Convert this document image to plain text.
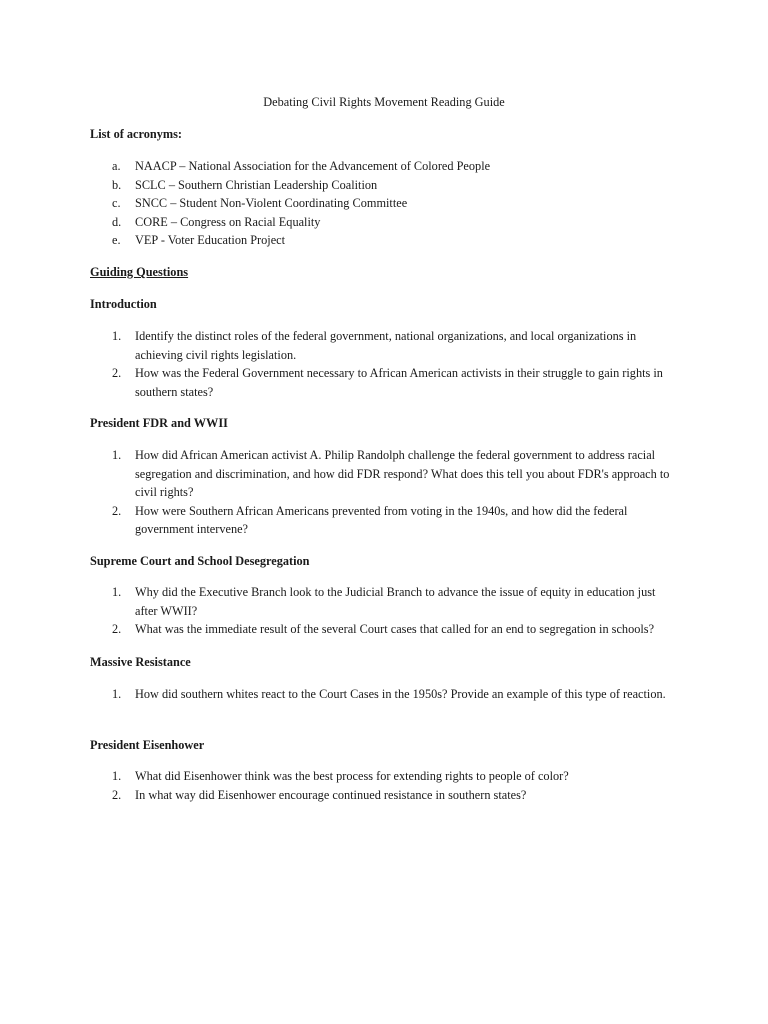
Debating Civil Rights Movement Reading Guide
List of acronyms:
a. NAACP – National Association for the Advancement of Colored People
b. SCLC – Southern Christian Leadership Coalition
c. SNCC – Student Non-Violent Coordinating Committee
d. CORE – Congress on Racial Equality
e. VEP - Voter Education Project
Guiding Questions
Introduction
1. Identify the distinct roles of the federal government, national organizations, and local organizations in achieving civil rights legislation.
2. How was the Federal Government necessary to African American activists in their struggle to gain rights in southern states?
President FDR and WWII
1. How did African American activist A. Philip Randolph challenge the federal government to address racial segregation and discrimination, and how did FDR respond? What does this tell you about FDR's approach to civil rights?
2. How were Southern African Americans prevented from voting in the 1940s, and how did the federal government intervene?
Supreme Court and School Desegregation
1. Why did the Executive Branch look to the Judicial Branch to advance the issue of equity in education just after WWII?
2. What was the immediate result of the several Court cases that called for an end to segregation in schools?
Massive Resistance
1. How did southern whites react to the Court Cases in the 1950s? Provide an example of this type of reaction.
President Eisenhower
1. What did Eisenhower think was the best process for extending rights to people of color?
2. In what way did Eisenhower encourage continued resistance in southern states?
